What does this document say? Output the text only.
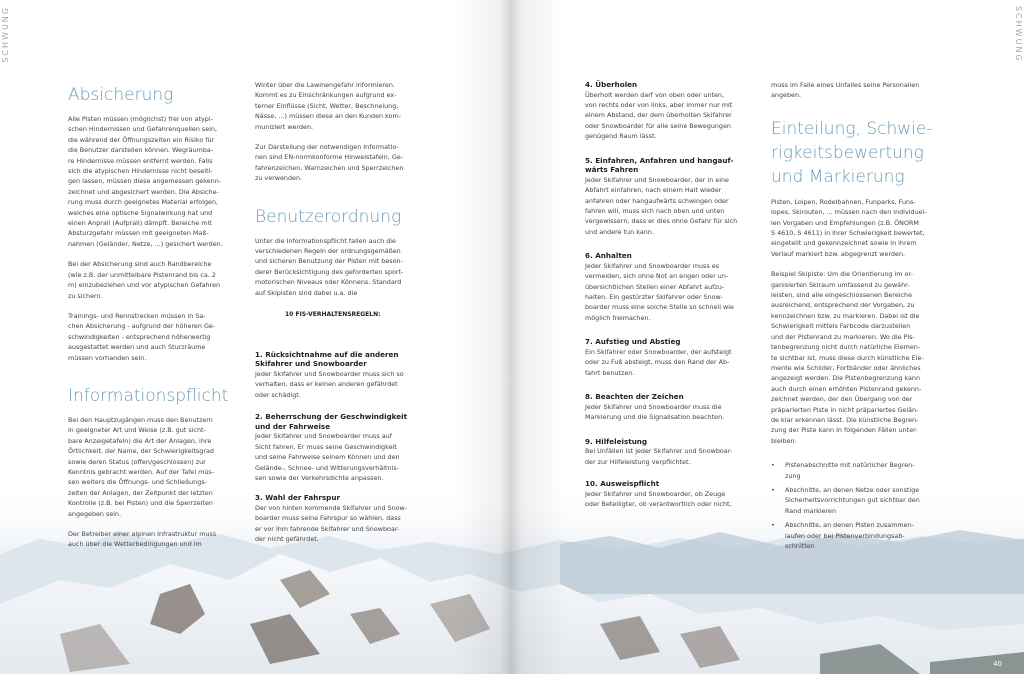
SCHWUNG	SCHWUNG
Absicherung

Alle Pisten müssen (möglichst) frei von atypi-
schen Hindernissen und Gefahrenquellen sein,
die während der Öffnungszeiten ein Risiko für
die Benutzer darstellen können. Wegräumba-
re Hindernisse müssen entfernt werden. Falls
sich die atypischen Hindernisse nicht beseiti-
gen lassen, müssen diese angemessen gekenn-
zeichnet und abgesichert werden. Die Absiche-
rung muss durch geeignetes Material erfolgen,
welches eine optische Signalwirkung hat und
einen Anprall (Aufprall) dämpft. Bereiche mit
Absturzgefahr müssen mit geeigneten Maß-
nahmen (Geländer, Netze, ...) gesichert werden.

Bei der Absicherung sind auch Randbereiche
(wie z.B. der unmittelbare Pistenrand bis ca. 2
m) einzubeziehen und vor atypischen Gefahren
zu sichern.

Trainings- und Rennstrecken müssen in Sa-
chen Absicherung - aufgrund der höheren Ge-
schwindigkeiten - entsprechend höherwertig
ausgestattet werden und auch Sturzräume
müssen vorhanden sein.

Informationspflicht

Bei den Hauptzugängen muss den Benutzern
in geeigneter Art und Weise (z.B. gut sicht-
bare Anzeigetafeln) die Art der Anlagen, ihre
Örtlichkeit, der Name, der Schwierigkeitsgrad
sowie deren Status (offen/geschlossen) zur
Kenntnis gebracht werden. Auf der Tafel müs-
sen weiters die Öffnungs- und Schließungs-
zeiten der Anlagen, der Zeitpunkt der letzten
Kontrolle (z.B. bei Pisten) und die Sperrzeiten
angegeben sein.

Der Betreiber einer alpinen Infrastruktur muss
auch über die Wetterbedingungen und im

Winter über die Lawinengefahr informieren.
Kommt es zu Einschränkungen aufgrund ex-
terner Einflüsse (Sicht, Wetter, Beschneiung,
Nässe, ...) müssen diese an den Kunden kom-
muniziert werden.

Zur Darstellung der notwendigen Informatio-
nen sind EN-normkonforme Hinweistafeln, Ge-
fahrenzeichen, Warnzeichen und Sperrzeichen
zu verwenden.

Benutzerordnung

Unter die Informationspflicht fallen auch die
verschiedenen Regeln der ordnungsgemäßen
und sicheren Benutzung der Pisten mit beson-
derer Berücksichtigung des geforderten sport-
motorischen Niveaus oder Könnens. Standard
auf Skipisten sind dabei u.a. die

10 FIS-VERHALTENSREGELN:

1. Rücksichtnahme auf die anderen
Skifahrer und Snowboarder

Jeder Skifahrer und Snowboarder muss sich so
verhalten, dass er keinen anderen gefährdet
oder schädigt.

2. Beherrschung der Geschwindigkeit
und der Fahrweise

Jeder Skifahrer und Snowboarder muss auf
Sicht fahren. Er muss seine Geschwindigkeit
und seine Fahrweise seinem Können und den
Gelände-, Schnee- und Witterungsverhältnis-
sen sowie der Verkehrsdichte anpassen.

3. Wahl der Fahrspur

Der von hinten kommende Skifahrer und Snow-
boarder muss seine Fahrspur so wählen, dass
er vor ihm fahrende Skifahrer und Snowboar-
der nicht gefährdet.

4. Überholen

Überholt werden darf von oben oder unten,
von rechts oder von links, aber immer nur mit
einem Abstand, der dem überholten Skifahrer
oder Snowboarder für alle seine Bewegungen
genügend Raum lässt.

5. Einfahren, Anfahren und hangauf-
wärts Fahren

Jeder Skifahrer und Snowboarder, der in eine
Abfahrt einfahren, nach einem Halt wieder
anfahren oder hangaufwärts schwingen oder
fahren will, muss sich nach oben und unten
vergewissern, dass er dies ohne Gefahr für sich
und andere tun kann.

6. Anhalten

Jeder Skifahrer und Snowboarder muss es
vermeiden, sich ohne Not an engen oder un-
übersichtlichen Stellen einer Abfahrt aufzu-
halten. Ein gestürzter Skifahrer oder Snow-
boarder muss eine solche Stelle so schnell wie
möglich freimachen.

7. Aufstieg und Abstieg

Ein Skifahrer oder Snowboarder, der aufsteigt
oder zu Fuß absteigt, muss den Rand der Ab-
fahrt benutzen.

8. Beachten der Zeichen

Jeder Skifahrer und Snowboarder muss die
Markierung und die Signalisation beachten.

9. Hilfeleistung

Bei Unfällen ist jeder Skifahrer und Snowboar-
der zur Hilfeleistung verpflichtet.

10. Ausweispflicht

Jeder Skifahrer und Snowboarder, ob Zeuge
oder Beteiligter, ob verantwortlich oder nicht,

muss im Falle eines Unfalles seine Personalien
angeben.

Einteilung, Schwie-
rigkeitsbewertung
und Markierung

Pisten, Loipen, Rodelbahnen, Funparks, Funs-
lopes, Skirouten, ... müssen nach den individuel-
len Vorgaben und Empfehlungen (z.B. ÖNORM
S 4610, S 4611) in ihrer Schwierigkeit bewertet,
eingeteilt und gekennzeichnet sowie in ihrem
Verlauf markiert bzw. abgegrenzt werden.

Beispiel Skipiste: Um die Orientierung im or-
ganisierten Skiraum umfassend zu gewähr-
leisten, sind alle eingeschlossenen Bereiche
ausreichend, entsprechend der Vorgaben, zu
kennzeichnen bzw. zu markieren. Dabei ist die
Schwierigkeit mittels Farbcode darzustellen
und der Pistenrand zu markieren. Wo die Pis-
tenbegrenzung nicht durch natürliche Elemen-
te sichtbar ist, muss diese durch künstliche Ele-
mente wie Schilder, Fortbänder oder ähnliches
angezeigt werden. Die Pistenbegrenzung kann
auch durch einen erhöhten Pistenrand gekenn-
zeichnet werden, der den Übergang von der
präparierten Piste in nicht präpariertes Gelän-
de klar erkennen lässt. Die künstliche Begren-
zung der Piste kann in folgenden Fällen unter-
bleiben:

•	Pistenabschnitte mit natürlicher Begren-
zung

•	Abschnitte, an denen Netze oder sonstige
Sicherheitsvorrichtungen gut sichtbar den
Rand markieren

•	Abschnitte, an denen Pisten zusammen-
laufen oder bei Pistenverbindungsab-
schnitten

40
